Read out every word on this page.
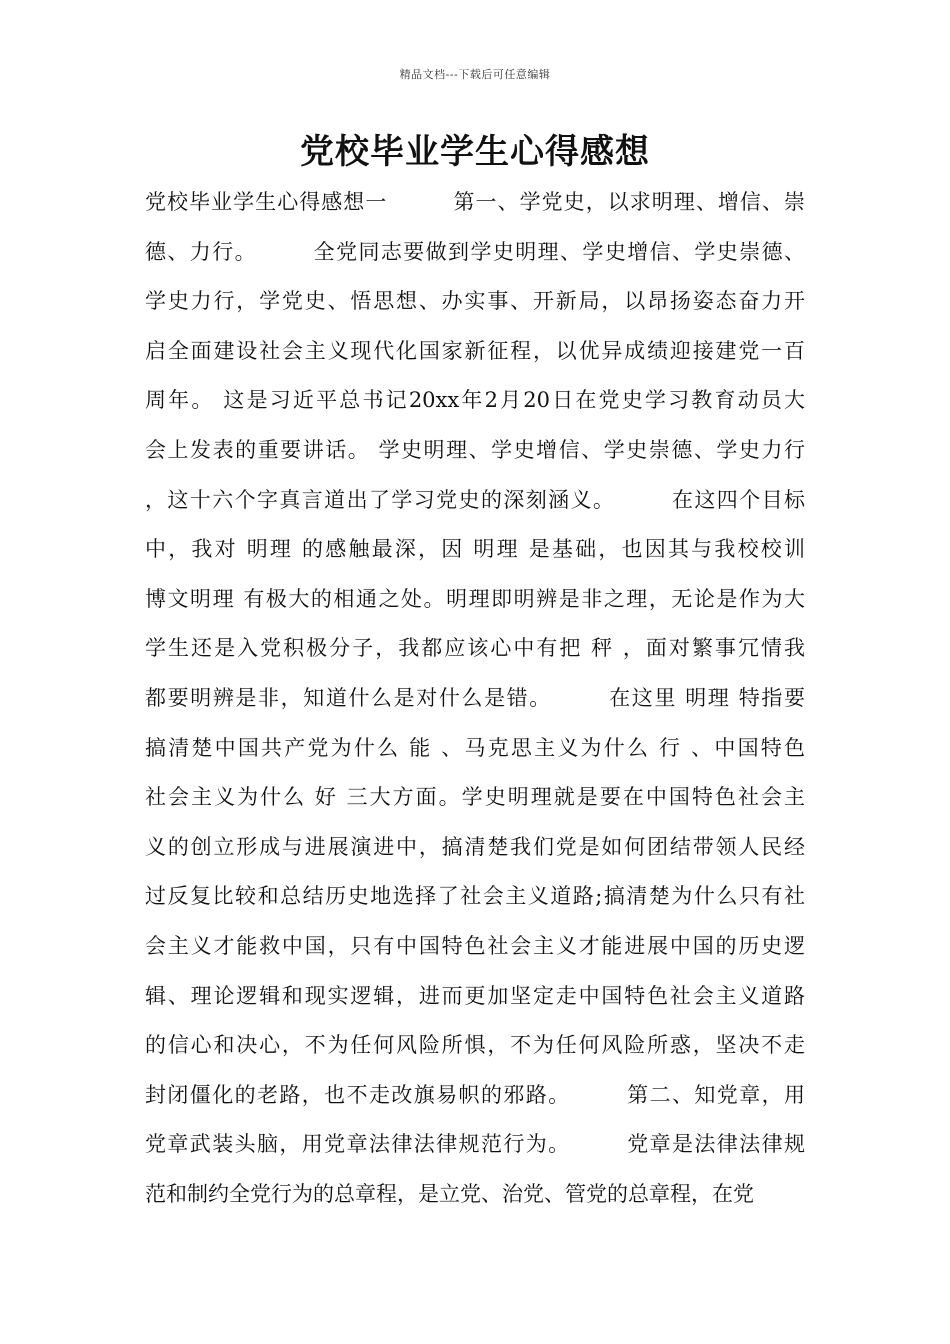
精品文档---下载后可任意编辑
党校毕业学生心得感想
党校毕业学生心得感想一　　　第一、学党史，以求明理、增信、崇
德、力行。　　　全党同志要做到学史明理、学史增信、学史崇德、
学史力行，学党史、悟思想、办实事、开新局，以昂扬姿态奋力开
启全面建设社会主义现代化国家新征程，以优异成绩迎接建党一百
周年。 这是习近平总书记20xx年2月20日在党史学习教育动员大
会上发表的重要讲话。 学史明理、学史增信、学史崇德、学史力行
，这十六个字真言道出了学习党史的深刻涵义。　　　在这四个目标
中，我对 明理 的感触最深，因 明理 是基础，也因其与我校校训
博文明理 有极大的相通之处。明理即明辨是非之理，无论是作为大
学生还是入党积极分子，我都应该心中有把 秤 ，面对繁事冗情我
都要明辨是非，知道什么是对什么是错。　　　在这里 明理 特指要
搞清楚中国共产党为什么 能 、马克思主义为什么 行 、中国特色
社会主义为什么 好 三大方面。学史明理就是要在中国特色社会主
义的创立形成与进展演进中，搞清楚我们党是如何团结带领人民经
过反复比较和总结历史地选择了社会主义道路;搞清楚为什么只有社
会主义才能救中国，只有中国特色社会主义才能进展中国的历史逻
辑、理论逻辑和现实逻辑，进而更加坚定走中国特色社会主义道路
的信心和决心，不为任何风险所惧，不为任何风险所惑，坚决不走
封闭僵化的老路，也不走改旗易帜的邪路。　　　第二、知党章，用
党章武装头脑，用党章法律法律规范行为。　　　党章是法律法律规
范和制约全党行为的总章程，是立党、治党、管党的总章程，在党
